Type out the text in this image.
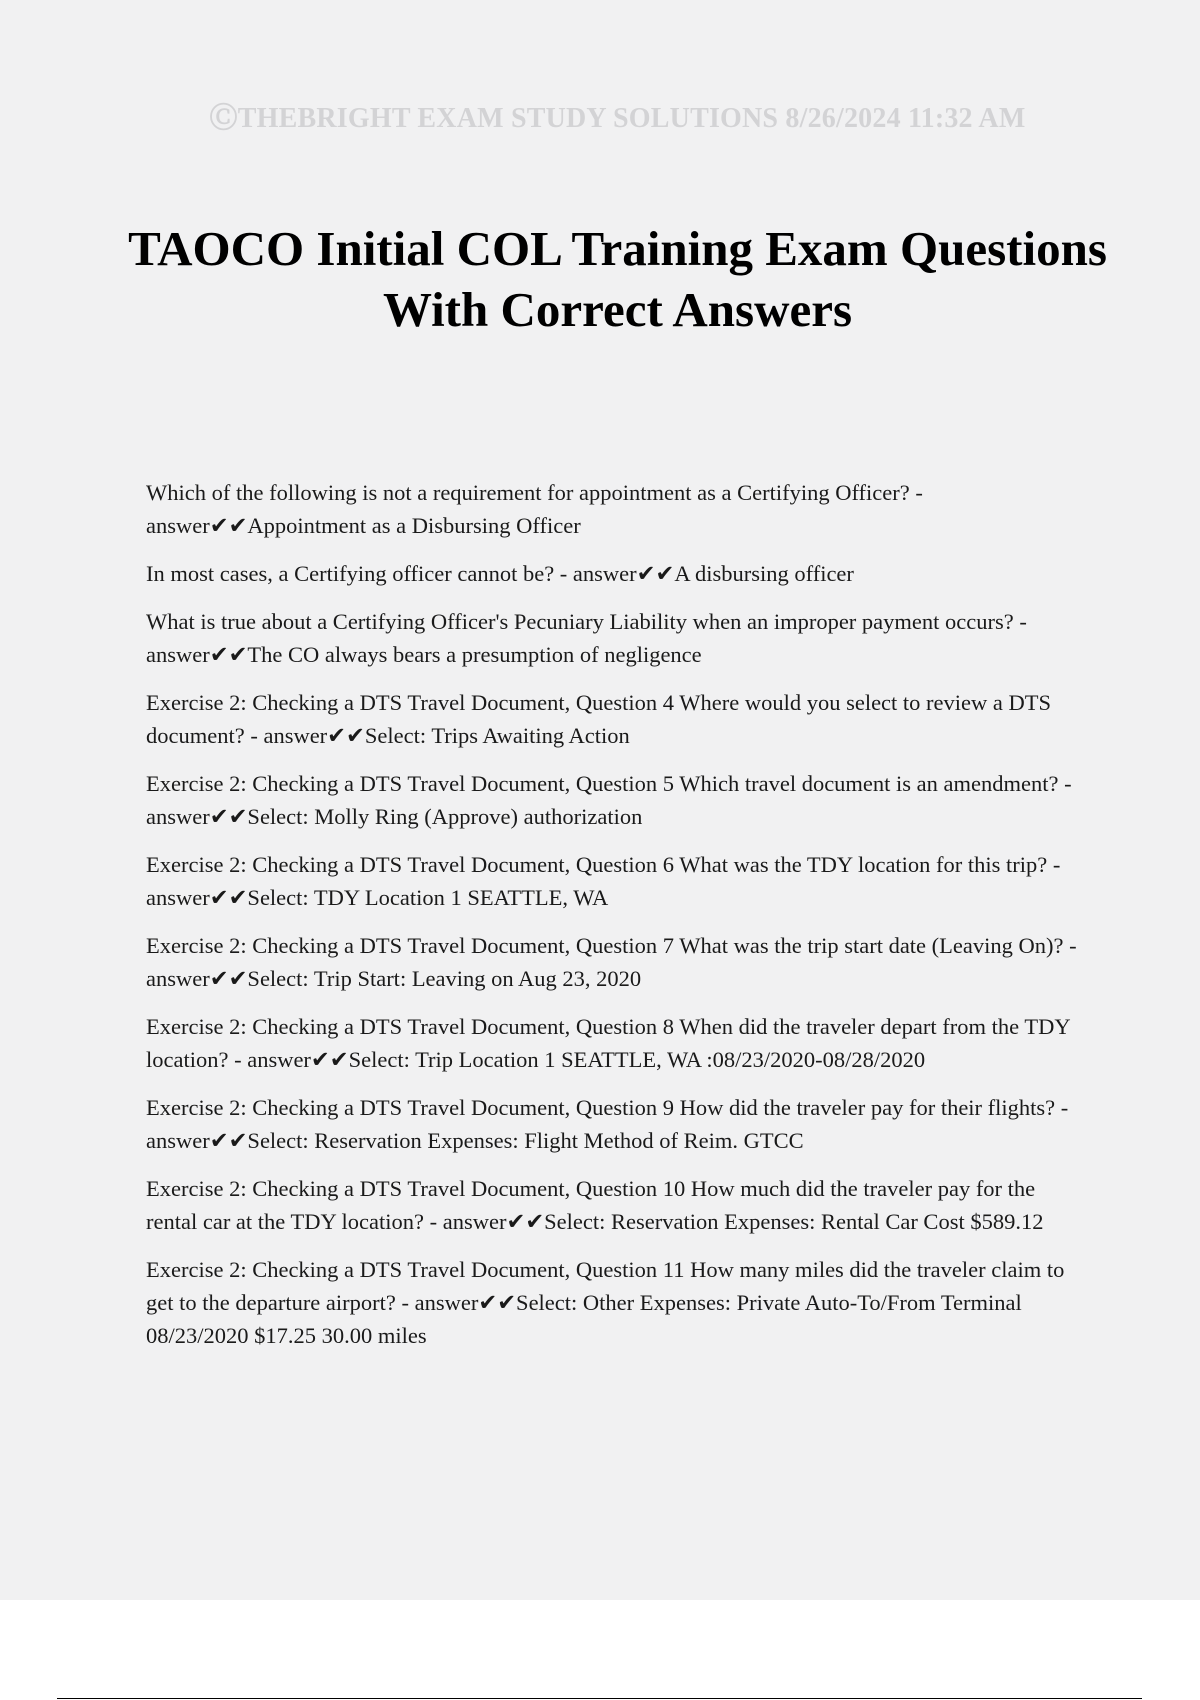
ⒸTHEBRIGHT EXAM STUDY SOLUTIONS 8/26/2024 11:32 AM
TAOCO Initial COL Training Exam Questions With Correct Answers
Which of the following is not a requirement for appointment as a Certifying Officer? - answer✔✔Appointment as a Disbursing Officer
In most cases, a Certifying officer cannot be? - answer✔✔A disbursing officer
What is true about a Certifying Officer's Pecuniary Liability when an improper payment occurs? - answer✔✔The CO always bears a presumption of negligence
Exercise 2: Checking a DTS Travel Document, Question 4 Where would you select to review a DTS document? - answer✔✔Select: Trips Awaiting Action
Exercise 2: Checking a DTS Travel Document, Question 5 Which travel document is an amendment? - answer✔✔Select: Molly Ring (Approve) authorization
Exercise 2: Checking a DTS Travel Document, Question 6 What was the TDY location for this trip? - answer✔✔Select: TDY Location 1 SEATTLE, WA
Exercise 2: Checking a DTS Travel Document, Question 7 What was the trip start date (Leaving On)? - answer✔✔Select: Trip Start: Leaving on Aug 23, 2020
Exercise 2: Checking a DTS Travel Document, Question 8 When did the traveler depart from the TDY location? - answer✔✔Select: Trip Location 1 SEATTLE, WA :08/23/2020-08/28/2020
Exercise 2: Checking a DTS Travel Document, Question 9 How did the traveler pay for their flights? - answer✔✔Select: Reservation Expenses: Flight Method of Reim. GTCC
Exercise 2: Checking a DTS Travel Document, Question 10 How much did the traveler pay for the rental car at the TDY location? - answer✔✔Select: Reservation Expenses: Rental Car Cost $589.12
Exercise 2: Checking a DTS Travel Document, Question 11 How many miles did the traveler claim to get to the departure airport? - answer✔✔Select: Other Expenses: Private Auto-To/From Terminal 08/23/2020 $17.25 30.00 miles
